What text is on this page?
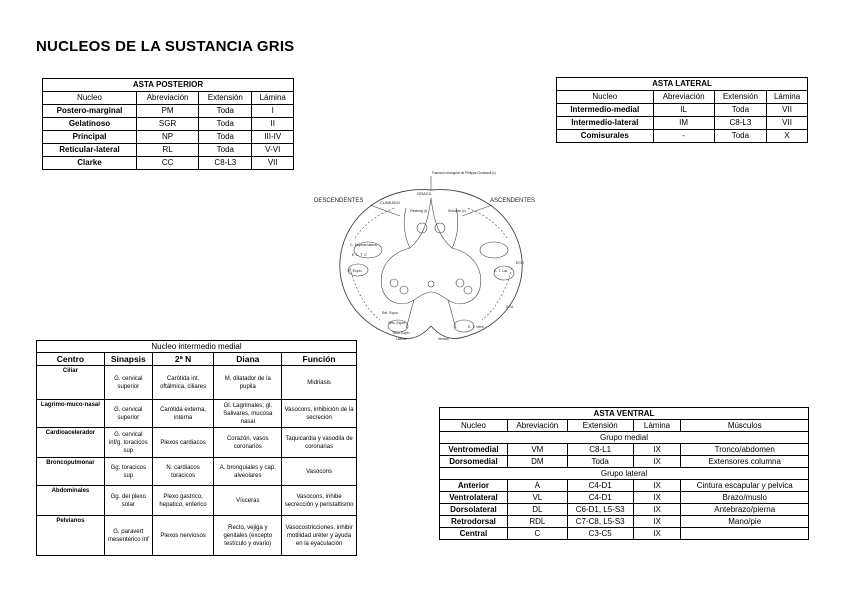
NUCLEOS DE LA SUSTANCIA GRIS
ASTA POSTERIOR			
Nucleo	Abreviación	Extensión	Lámina
Postero-marginal	PM	Toda	I
Gelatinoso	SGR	Toda	II
Principal	NP	Toda	III-IV
Reticular-lateral	RL	Toda	V-VI
Clarke	CC	C8-L3	VII
ASTA LATERAL			
Nucleo	Abreviación	Extensión	Lámina
Intermedio-medial	IL	Toda	VII
Intermedio-lateral	IM	C8-L3	VII
Comisurales	-	Toda	X
DESCENDENTES	ASCENDENTES
Fascículo triangular de Philippe-Gombault (c)
GRACIL
CUNEADO
Flechsig (l)	Schultze (c)
C. Espinal lateral
E. L. T. C
R. Espin	E. T. Lat.
ECO
E. T. Vent.
ECA
Ret. Espin
Vest. Espin
Tecto Espin
Lateral	Ventral
Nucleo intermedio medial				
Centro	Sinapsis	2ª N	Diana	Función
Ciliar	G. cervical superior	Carótida int. oftálmica, ciliares	M. dilatador de la pupila	Midriasis
Lagrimo-muco-nasal	G. cervical superior	Carótida externa, interna	Gl. Lagrimales, gl. Salivares, mucosa nasal	Vasocons, inhibición de la secreción
Cardioacelerador	G. cervical inf/g. toracicos sup	Plexos cardiacos	Corazón, vasos coronarios	Taquicardia y vasodila de coronarias
Broncopulmonar	Gg. toracicos sup	N. cardiacos toracicos	A. bronquiales y cap. alveolares	Vasocons
Abdominales	Gg. del plexo solar	Plexo gastrico, hepatico, enterico	Vísceras	Vasocons, inhibe secrección y peristaltismo
Pelvianos	G. paravert mesentérico inf	Plexos nerviosos	Recto, vejiga y genitales (excepto testículo y ovario)	Vasocostricciones, inhibir motilidad uréter y ayuda en la eyaculación
ASTA VENTRAL				
Nucleo	Abreviación	Extensión	Lámina	Músculos
Grupo medial				
Ventromedial	VM	C8-L1	IX	Tronco/abdomen
Dorsomedial	DM	Toda	IX	Extensores columna
Grupo lateral				
Anterior	A	C4-D1	IX	Cintura escapular y pelvica
Ventrolateral	VL	C4-D1	IX	Brazo/muslo
Dorsolateral	DL	C6-D1, L5-S3	IX	Antebrazo/pierna
Retrodorsal	RDL	C7-C8, L5-S3	IX	Mano/pie
Central	C	C3-C5	IX	
